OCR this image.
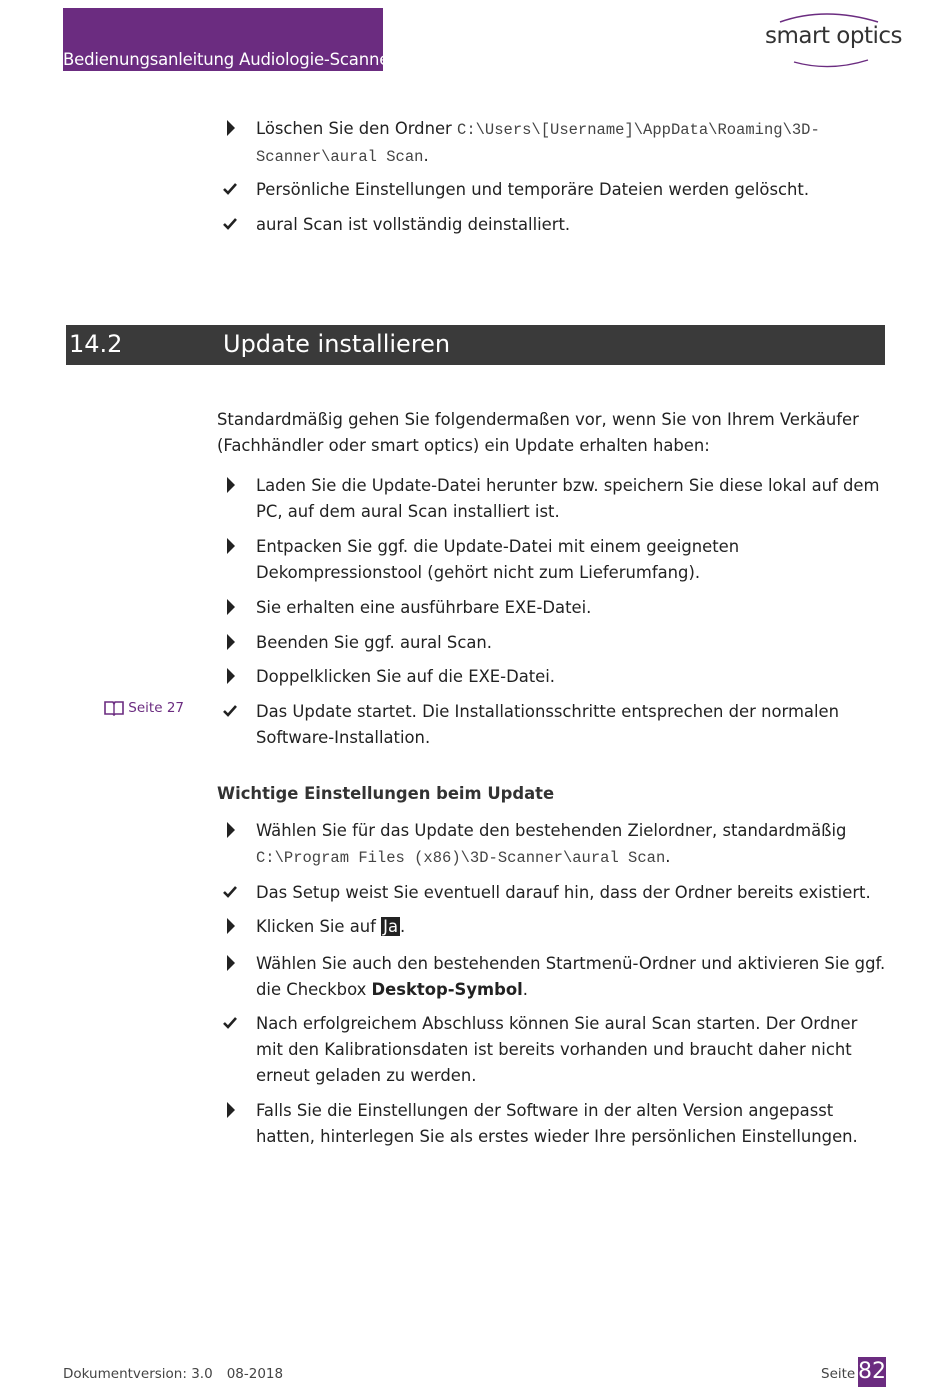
Bedienungsanleitung Audiologie-Scanner
smart optics
Löschen Sie den Ordner C:\Users\[Username]\AppData\Roaming\3D-
Scanner\aural Scan.
Persönliche Einstellungen und temporäre Dateien werden gelöscht.
aural Scan ist vollständig deinstalliert.
14.2	Update installieren
Standardmäßig gehen Sie folgendermaßen vor, wenn Sie von Ihrem Verkäufer (Fachhändler oder smart optics) ein Update erhalten haben:
Laden Sie die Update-Datei herunter bzw. speichern Sie diese lokal auf dem PC, auf dem aural Scan installiert ist.
Entpacken Sie ggf. die Update-Datei mit einem geeigneten Dekompressionstool (gehört nicht zum Lieferumfang).
Sie erhalten eine ausführbare EXE-Datei.
Beenden Sie ggf. aural Scan.
Doppelklicken Sie auf die EXE-Datei.
Seite 27	Das Update startet. Die Installationsschritte entsprechen der normalen Software-Installation.
Wichtige Einstellungen beim Update
Wählen Sie für das Update den bestehenden Zielordner, standardmäßig
C:\Program Files (x86)\3D-Scanner\aural Scan.
Das Setup weist Sie eventuell darauf hin, dass der Ordner bereits existiert.
Klicken Sie auf Ja .
Wählen Sie auch den bestehenden Startmenü-Ordner und aktivieren Sie ggf. die Checkbox Desktop-Symbol.
Nach erfolgreichem Abschluss können Sie aural Scan starten. Der Ordner mit den Kalibrationsdaten ist bereits vorhanden und braucht daher nicht erneut geladen zu werden.
Falls Sie die Einstellungen der Software in der alten Version angepasst hatten, hinterlegen Sie als erstes wieder Ihre persönlichen Einstellungen.
Dokumentversion: 3.0 08-2018	Seite 82
